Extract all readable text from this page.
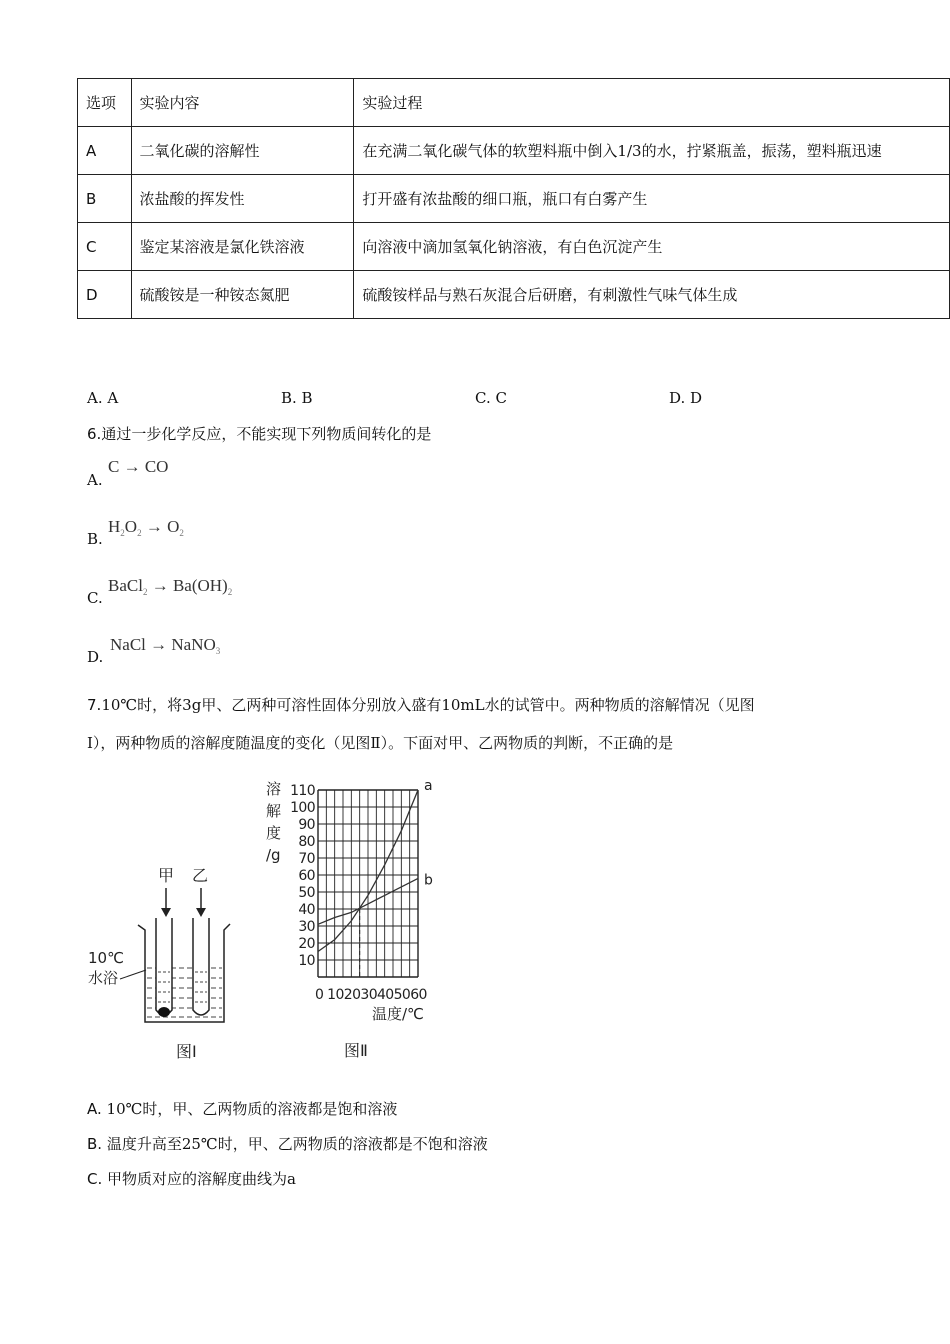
选项	实验内容	实验过程
A	二氧化碳的溶解性	在充满二氧化碳气体的软塑料瓶中倒入1/3的水，拧紧瓶盖，振荡，塑料瓶迅速
B	浓盐酸的挥发性	打开盛有浓盐酸的细口瓶，瓶口有白雾产生
C	鉴定某溶液是氯化铁溶液	向溶液中滴加氢氧化钠溶液，有白色沉淀产生
D	硫酸铵是一种铵态氮肥	硫酸铵样品与熟石灰混合后研磨，有刺激性气味气体生成
A. A	B. B	C. C	D. D
6.通过一步化学反应，不能实现下列物质间转化的是
A.
C → CO
B.
$H_2O_2 \to O_2$
C.
BaCl$_2$ → $Ba(OH)_2$
D.
NaCl → NaNO$_3$
7.10℃时，将3g甲、乙两种可溶性固体分别放入盛有10mL水的试管中。两种物质的溶解情况（见图
Ⅰ），两种物质的溶解度随温度的变化（见图Ⅱ）。下面对甲、乙两物质的判断，不正确的是
甲 乙
10℃
水浴
图Ⅰ
溶
解
度
/g
10
20
30
40
50
60
70
80
90
100
110	a
b
0 102030405060
温度/℃
图Ⅱ
A. 10℃时，甲、乙两物质的溶液都是饱和溶液
B. 温度升高至25℃时，甲、乙两物质的溶液都是不饱和溶液
C. 甲物质对应的溶解度曲线为a
